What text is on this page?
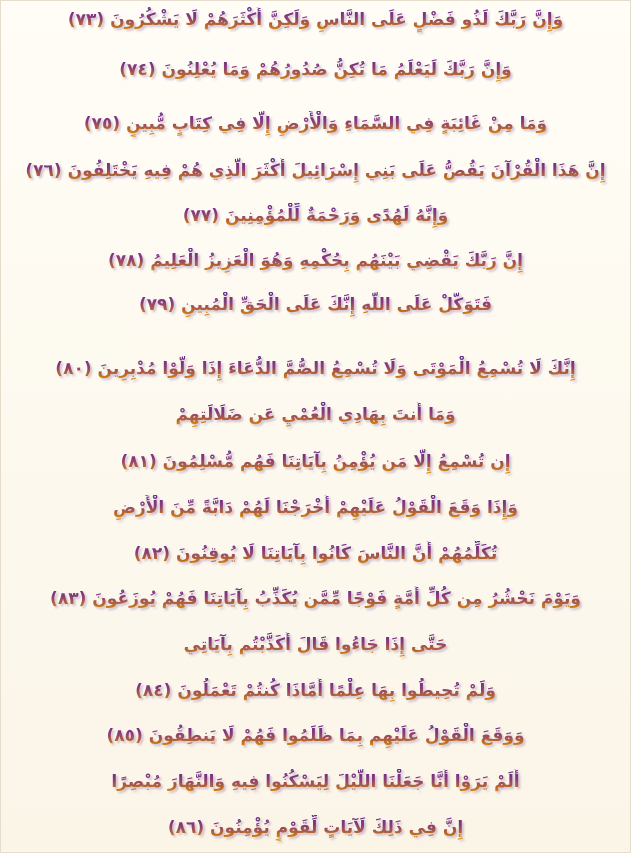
وَإِنَّ رَبَّكَ لَذُو فَضْلٍ عَلَى النَّاسِ وَلَكِنَّ أَكْثَرَهُمْ لَا يَشْكُرُونَ (٧٣)
وَإِنَّ رَبَّكَ لَيَعْلَمُ مَا تُكِنُّ صُدُورُهُمْ وَمَا يُعْلِنُونَ (٧٤)
وَمَا مِنْ غَائِبَةٍ فِي السَّمَاءِ وَالْأَرْضِ إِلَّا فِي كِتَابٍ مُّبِينٍ (٧٥)
إِنَّ هَذَا الْقُرْآنَ يَقُصُّ عَلَى بَنِي إِسْرَائِيلَ أَكْثَرَ الَّذِي هُمْ فِيهِ يَخْتَلِفُونَ (٧٦)
وَإِنَّهُ لَهُدًى وَرَحْمَةٌ لِّلْمُؤْمِنِينَ (٧٧)
إِنَّ رَبَّكَ يَقْضِي بَيْنَهُم بِحُكْمِهِ وَهُوَ الْعَزِيزُ الْعَلِيمُ (٧٨)
فَتَوَكَّلْ عَلَى اللَّهِ إِنَّكَ عَلَى الْحَقِّ الْمُبِينِ (٧٩)
إِنَّكَ لَا تُسْمِعُ الْمَوْتَى وَلَا تُسْمِعُ الصُّمَّ الدُّعَاءَ إِذَا وَلَّوْا مُدْبِرِينَ (٨٠)
وَمَا أَنتَ بِهَادِي الْعُمْيِ عَن ضَلَالَتِهِمْ
إِن تُسْمِعُ إِلَّا مَن يُؤْمِنُ بِآيَاتِنَا فَهُم مُّسْلِمُونَ (٨١)
وَإِذَا وَقَعَ الْقَوْلُ عَلَيْهِمْ أَخْرَجْنَا لَهُمْ دَابَّةً مِّنَ الْأَرْضِ
تُكَلِّمُهُمْ أَنَّ النَّاسَ كَانُوا بِآيَاتِنَا لَا يُوقِنُونَ (٨٢)
وَيَوْمَ نَحْشُرُ مِن كُلِّ أُمَّةٍ فَوْجًا مِّمَّن يُكَذِّبُ بِآيَاتِنَا فَهُمْ يُوزَعُونَ (٨٣)
حَتَّى إِذَا جَاءُوا قَالَ أَكَذَّبْتُم بِآيَاتِي
وَلَمْ تُحِيطُوا بِهَا عِلْمًا أَمَّاذَا كُنتُمْ تَعْمَلُونَ (٨٤)
وَوَقَعَ الْقَوْلُ عَلَيْهِم بِمَا ظَلَمُوا فَهُمْ لَا يَنطِقُونَ (٨٥)
أَلَمْ يَرَوْا أَنَّا جَعَلْنَا اللَّيْلَ لِيَسْكُنُوا فِيهِ وَالنَّهَارَ مُبْصِرًا
إِنَّ فِي ذَلِكَ لَآيَاتٍ لِّقَوْمٍ يُؤْمِنُونَ (٨٦)
